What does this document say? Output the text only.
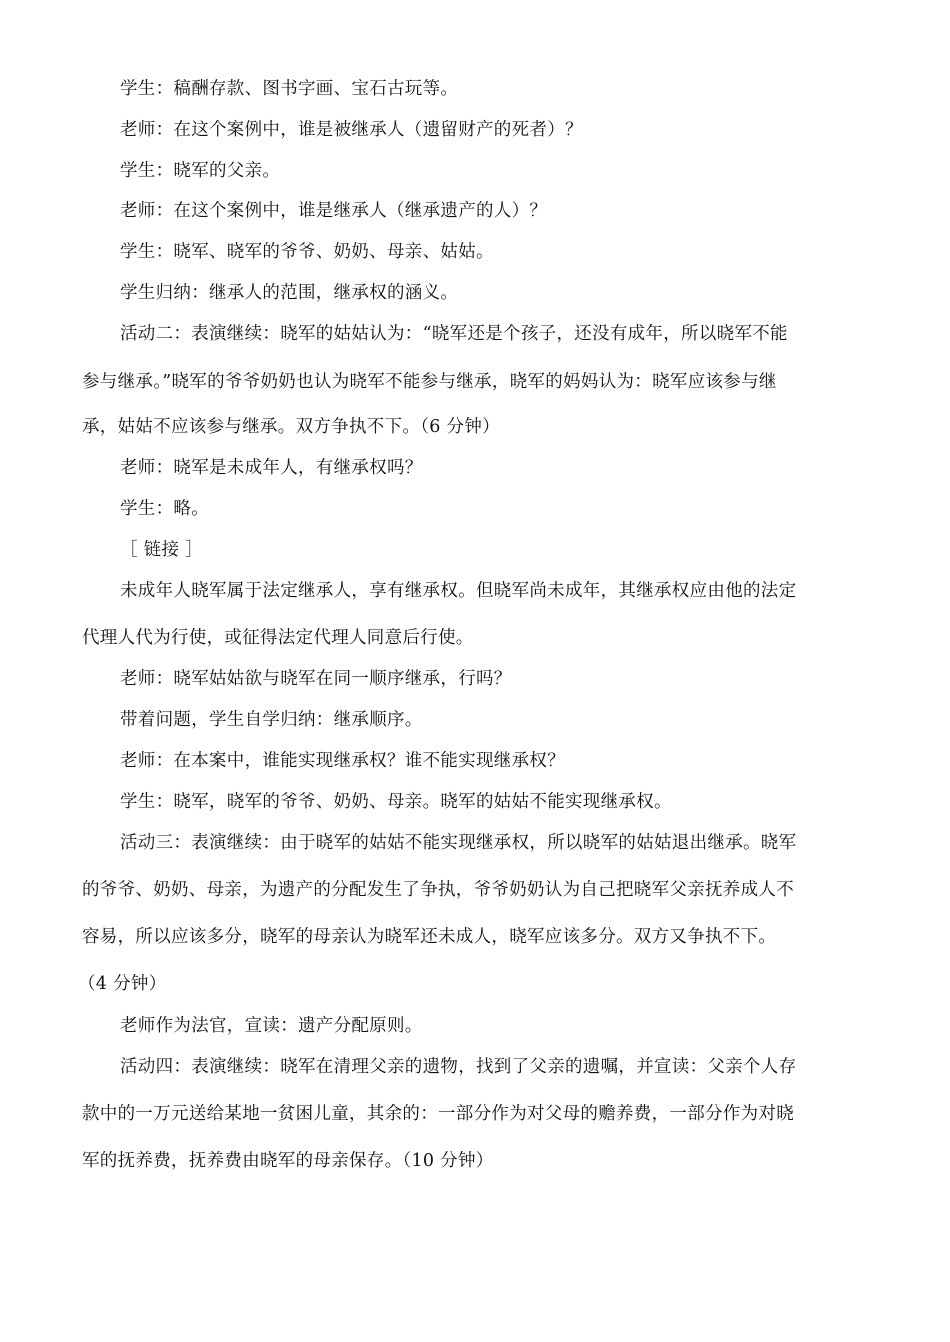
学生：稿酬存款、图书字画、宝石古玩等。
老师：在这个案例中，谁是被继承人（遗留财产的死者）？
学生：晓军的父亲。
老师：在这个案例中，谁是继承人（继承遗产的人）？
学生：晓军、晓军的爷爷、奶奶、母亲、姑姑。
学生归纳：继承人的范围，继承权的涵义。
活动二：表演继续：晓军的姑姑认为：“晓军还是个孩子，还没有成年，所以晓军不能
参与继承。”晓军的爷爷奶奶也认为晓军不能参与继承，晓军的妈妈认为：晓军应该参与继
承，姑姑不应该参与继承。双方争执不下。（6 分钟）
老师：晓军是未成年人，有继承权吗？
学生：略。
［ 链接 ］
未成年人晓军属于法定继承人，享有继承权。但晓军尚未成年，其继承权应由他的法定
代理人代为行使，或征得法定代理人同意后行使。
老师：晓军姑姑欲与晓军在同一顺序继承，行吗？
带着问题，学生自学归纳：继承顺序。
老师：在本案中，谁能实现继承权？谁不能实现继承权？
学生：晓军，晓军的爷爷、奶奶、母亲。晓军的姑姑不能实现继承权。
活动三：表演继续：由于晓军的姑姑不能实现继承权，所以晓军的姑姑退出继承。晓军
的爷爷、奶奶、母亲，为遗产的分配发生了争执，爷爷奶奶认为自己把晓军父亲抚养成人不
容易，所以应该多分，晓军的母亲认为晓军还未成人，晓军应该多分。双方又争执不下。
（4 分钟）
老师作为法官，宣读：遗产分配原则。
活动四：表演继续：晓军在清理父亲的遗物，找到了父亲的遗嘱，并宣读：父亲个人存
款中的一万元送给某地一贫困儿童，其余的：一部分作为对父母的赡养费，一部分作为对晓
军的抚养费，抚养费由晓军的母亲保存。（10 分钟）
